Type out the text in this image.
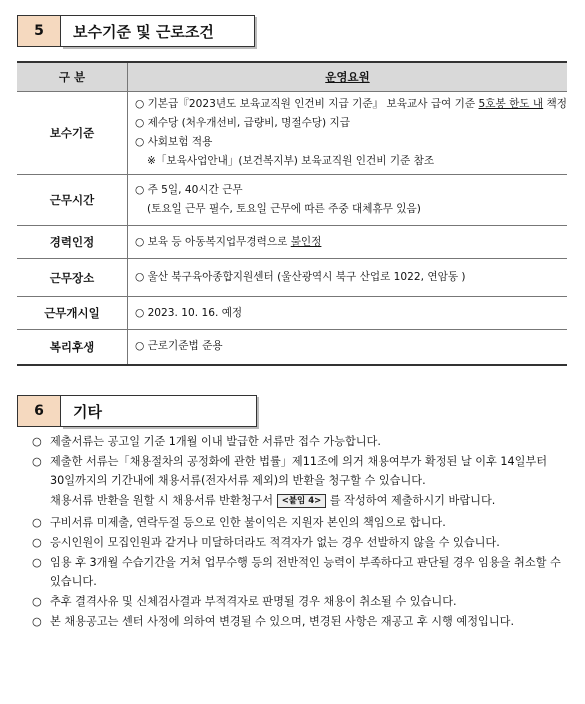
5	보수기준 및 근로조건
구 분	운영요원
보수기준	○ 기본급『2023년도 보육교직원 인건비 지급 기준』 보육교사 급여 기준 5호봉 한도 내 책정
○ 제수당 (처우개선비, 급량비, 명절수당) 지급
○ 사회보험 적용
※「보육사업안내」(보건복지부) 보육교직원 인건비 기준 참조

근무시간	○ 주 5일, 40시간 근무
(토요일 근무 필수, 토요일 근무에 따른 주중 대체휴무 있음)

경력인정	○ 보육 등 아동복지업무경력으로 불인정

근무장소	○ 울산 북구육아종합지원센터 (울산광역시 북구 산업로 1022, 연암동 )

근무개시일	○ 2023. 10. 16. 예정

복리후생	○ 근로기준법 준용
6	기타
○ 제출서류는 공고일 기준 1개월 이내 발급한 서류만 접수 가능합니다.
○ 제출한 서류는「채용절차의 공정화에 관한 법률」제11조에 의거 채용여부가 확정된 날 이후 14일부터 30일까지의 기간내에 채용서류(전자서류 제외)의 반환을 청구할 수 있습니다.
채용서류 반환을 원할 시 채용서류 반환청구서 <붙임 4> 를 작성하여 제출하시기 바랍니다.
○ 구비서류 미제출, 연락두절 등으로 인한 불이익은 지원자 본인의 책임으로 합니다.
○ 응시인원이 모집인원과 같거나 미달하더라도 적격자가 없는 경우 선발하지 않을 수 있습니다.
○ 임용 후 3개월 수습기간을 거쳐 업무수행 등의 전반적인 능력이 부족하다고 판단될 경우 임용을 취소할 수 있습니다.
○ 추후 결격사유 및 신체검사결과 부적격자로 판명될 경우 채용이 취소될 수 있습니다.
○ 본 채용공고는 센터 사정에 의하여 변경될 수 있으며, 변경된 사항은 재공고 후 시행 예정입니다.
